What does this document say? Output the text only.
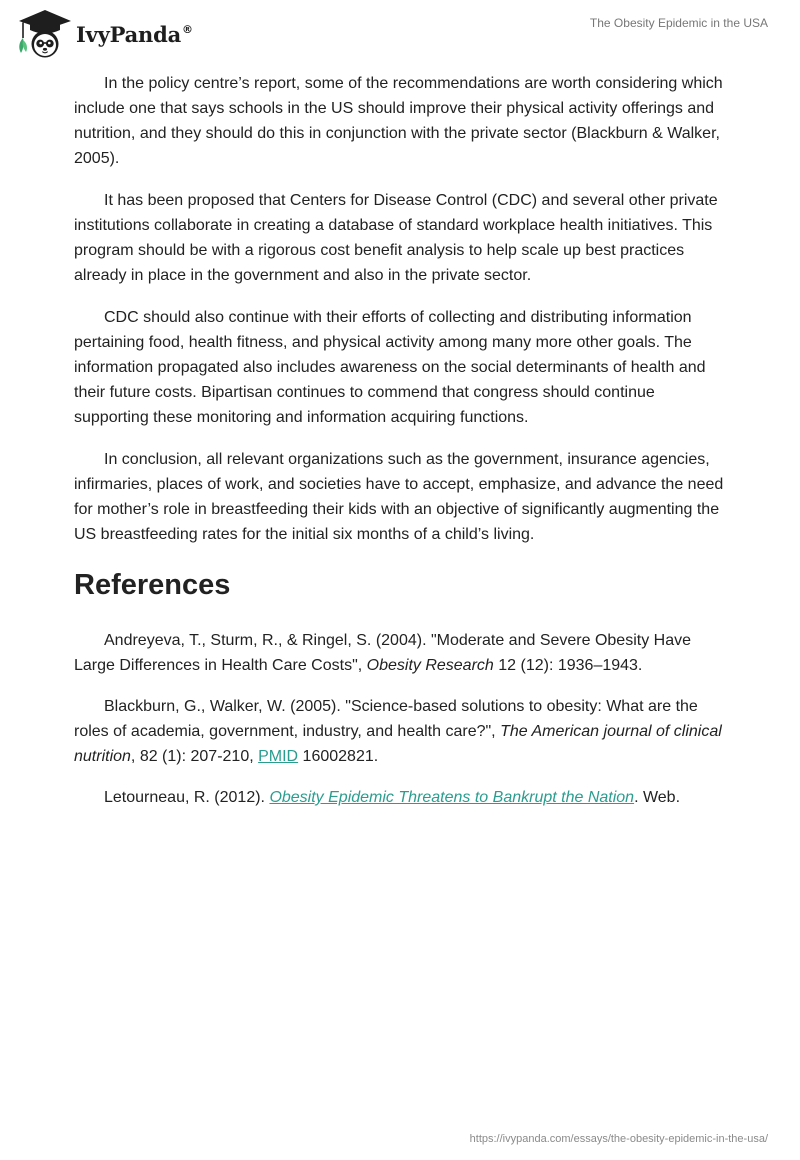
IvyPanda®	The Obesity Epidemic in the USA

In the policy centre’s report, some of the recommendations are worth considering which include one that says schools in the US should improve their physical activity offerings and nutrition, and they should do this in conjunction with the private sector (Blackburn & Walker, 2005).

It has been proposed that Centers for Disease Control (CDC) and several other private institutions collaborate in creating a database of standard workplace health initiatives. This program should be with a rigorous cost benefit analysis to help scale up best practices already in place in the government and also in the private sector.

CDC should also continue with their efforts of collecting and distributing information pertaining food, health fitness, and physical activity among many more other goals. The information propagated also includes awareness on the social determinants of health and their future costs. Bipartisan continues to commend that congress should continue supporting these monitoring and information acquiring functions.

In conclusion, all relevant organizations such as the government, insurance agencies, infirmaries, places of work, and societies have to accept, emphasize, and advance the need for mother’s role in breastfeeding their kids with an objective of significantly augmenting the US breastfeeding rates for the initial six months of a child’s living.

References

Andreyeva, T., Sturm, R., & Ringel, S. (2004). "Moderate and Severe Obesity Have Large Differences in Health Care Costs", Obesity Research 12 (12): 1936–1943.

Blackburn, G., Walker, W. (2005). "Science-based solutions to obesity: What are the roles of academia, government, industry, and health care?", The American journal of clinical nutrition, 82 (1): 207-210, PMID 16002821.

Letourneau, R. (2012). Obesity Epidemic Threatens to Bankrupt the Nation. Web.

https://ivypanda.com/essays/the-obesity-epidemic-in-the-usa/
